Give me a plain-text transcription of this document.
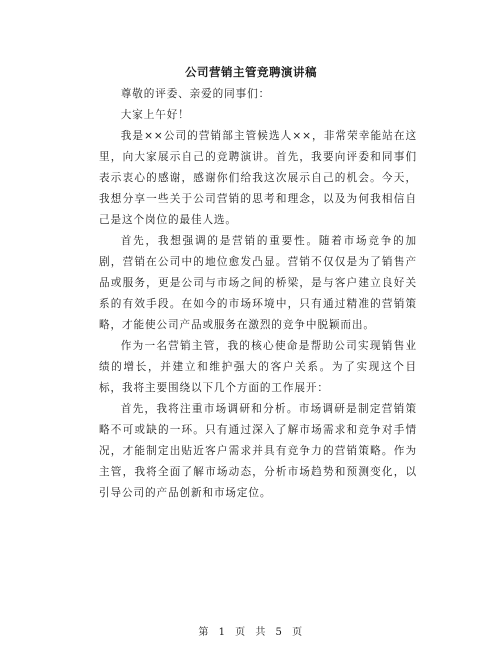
公司营销主管竞聘演讲稿

尊敬的评委、亲爱的同事们：

大家上午好！

我是××公司的营销部主管候选人××，非常荣幸能站在这里，向大家展示自己的竞聘演讲。首先，我要向评委和同事们表示衷心的感谢，感谢你们给我这次展示自己的机会。今天，我想分享一些关于公司营销的思考和理念，以及为何我相信自己是这个岗位的最佳人选。

首先，我想强调的是营销的重要性。随着市场竞争的加剧，营销在公司中的地位愈发凸显。营销不仅仅是为了销售产品或服务，更是公司与市场之间的桥梁，是与客户建立良好关系的有效手段。在如今的市场环境中，只有通过精准的营销策略，才能使公司产品或服务在激烈的竞争中脱颖而出。

作为一名营销主管，我的核心使命是帮助公司实现销售业绩的增长，并建立和维护强大的客户关系。为了实现这个目标，我将主要围绕以下几个方面的工作展开：

首先，我将注重市场调研和分析。市场调研是制定营销策略不可或缺的一环。只有通过深入了解市场需求和竞争对手情况，才能制定出贴近客户需求并具有竞争力的营销策略。作为主管，我将全面了解市场动态，分析市场趋势和预测变化，以引导公司的产品创新和市场定位。

第 1 页 共 5 页
